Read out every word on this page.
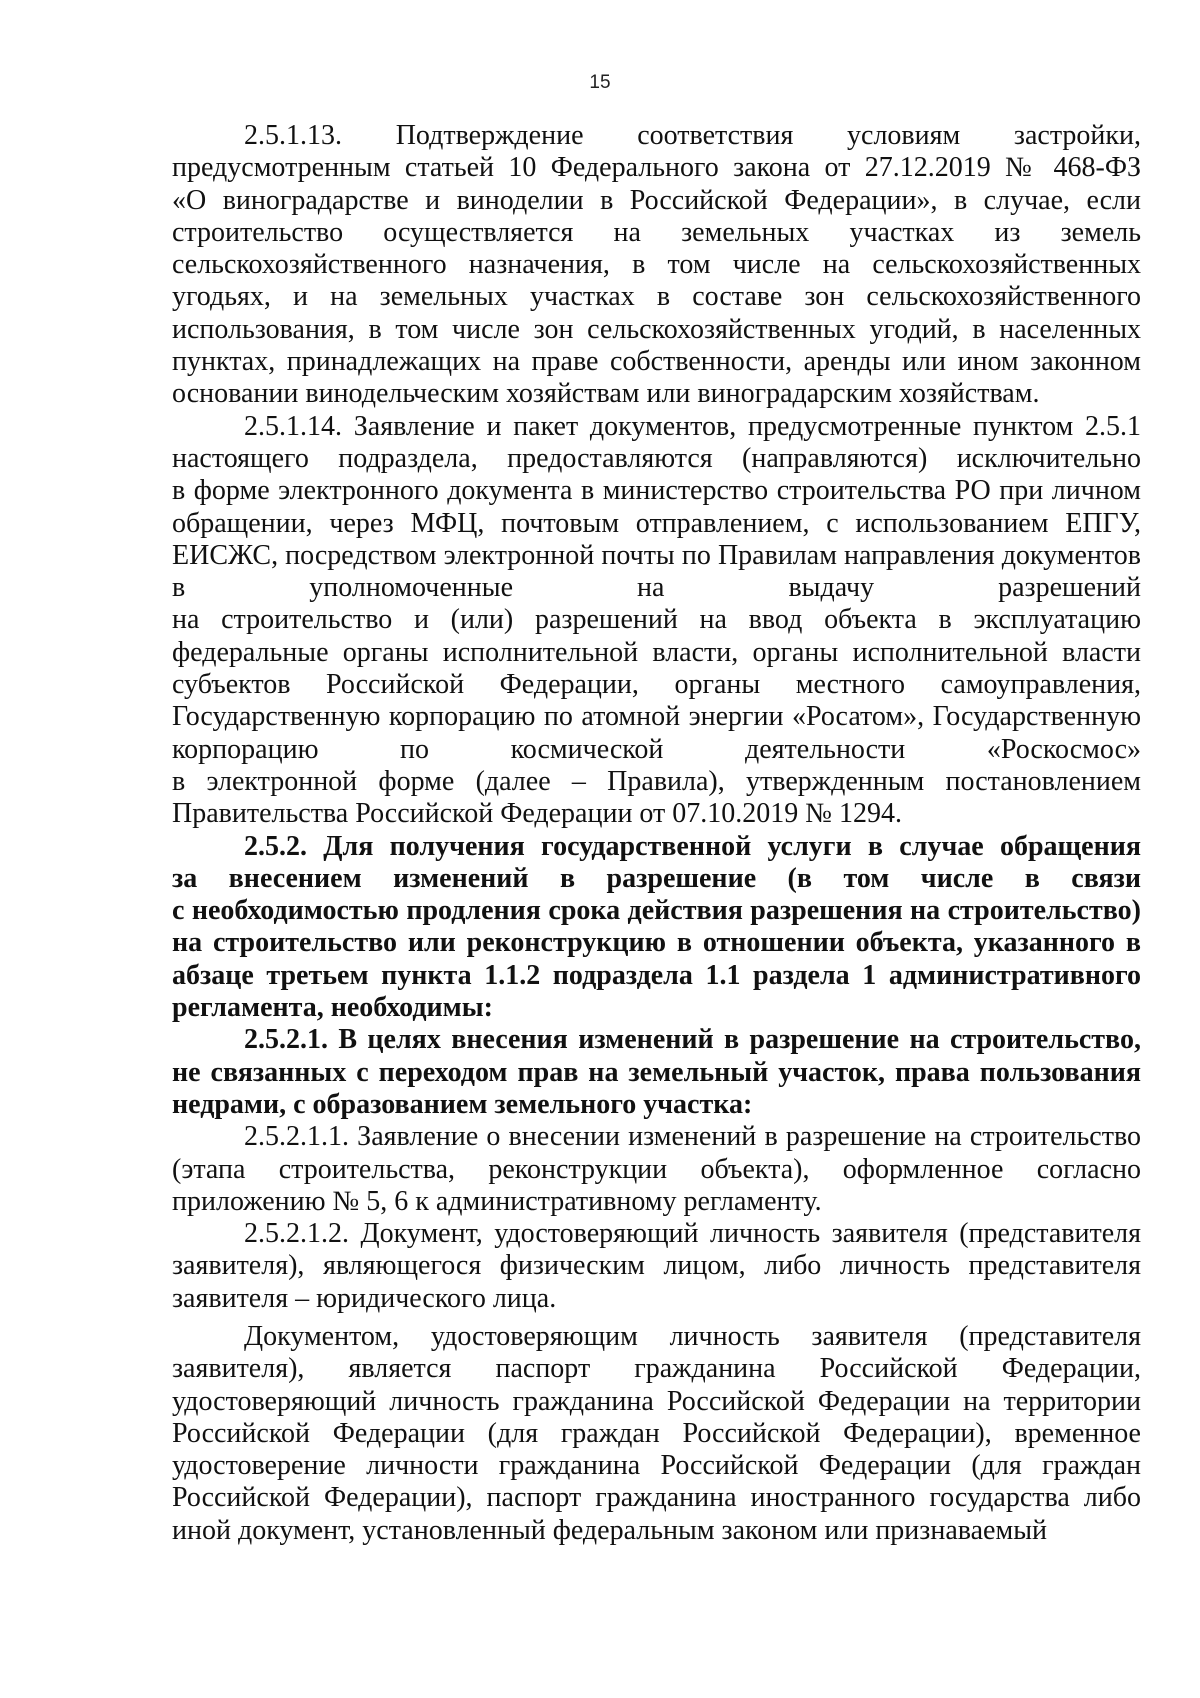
15
2.5.1.13. Подтверждение соответствия условиям застройки,
предусмотренным статьей 10 Федерального закона от 27.12.2019 № 468-ФЗ
«О виноградарстве и виноделии в Российской Федерации», в случае, если
строительство осуществляется на земельных участках из земель
сельскохозяйственного назначения, в том числе на сельскохозяйственных
угодьях, и на земельных участках в составе зон сельскохозяйственного
использования, в том числе зон сельскохозяйственных угодий, в населенных
пунктах, принадлежащих на праве собственности, аренды или ином законном
основании винодельческим хозяйствам или виноградарским хозяйствам.
2.5.1.14. Заявление и пакет документов, предусмотренные пунктом 2.5.1
настоящего подраздела, предоставляются (направляются) исключительно
в форме электронного документа в министерство строительства РО при личном
обращении, через МФЦ, почтовым отправлением, с использованием ЕПГУ,
ЕИСЖС, посредством электронной почты по Правилам направления документов
в уполномоченные на выдачу разрешений
на строительство и (или) разрешений на ввод объекта в эксплуатацию
федеральные органы исполнительной власти, органы исполнительной власти
субъектов Российской Федерации, органы местного самоуправления,
Государственную корпорацию по атомной энергии «Росатом», Государственную
корпорацию по космической деятельности «Роскосмос»
в электронной форме (далее – Правила), утвержденным постановлением
Правительства Российской Федерации от 07.10.2019 № 1294.
2.5.2. Для получения государственной услуги в случае обращения
за внесением изменений в разрешение (в том числе в связи
с необходимостью продления срока действия разрешения на строительство)
на строительство или реконструкцию в отношении объекта, указанного в
абзаце третьем пункта 1.1.2 подраздела 1.1 раздела 1 административного
регламента, необходимы:
2.5.2.1. В целях внесения изменений в разрешение на строительство,
не связанных с переходом прав на земельный участок, права пользования
недрами, с образованием земельного участка:
2.5.2.1.1. Заявление о внесении изменений в разрешение на строительство
(этапа строительства, реконструкции объекта), оформленное согласно
приложению № 5, 6 к административному регламенту.
2.5.2.1.2. Документ, удостоверяющий личность заявителя (представителя
заявителя), являющегося физическим лицом, либо личность представителя
заявителя – юридического лица.
Документом, удостоверяющим личность заявителя (представителя
заявителя), является паспорт гражданина Российской Федерации,
удостоверяющий личность гражданина Российской Федерации на территории
Российской Федерации (для граждан Российской Федерации), временное
удостоверение личности гражданина Российской Федерации (для граждан
Российской Федерации), паспорт гражданина иностранного государства либо
иной документ, установленный федеральным законом или признаваемый
